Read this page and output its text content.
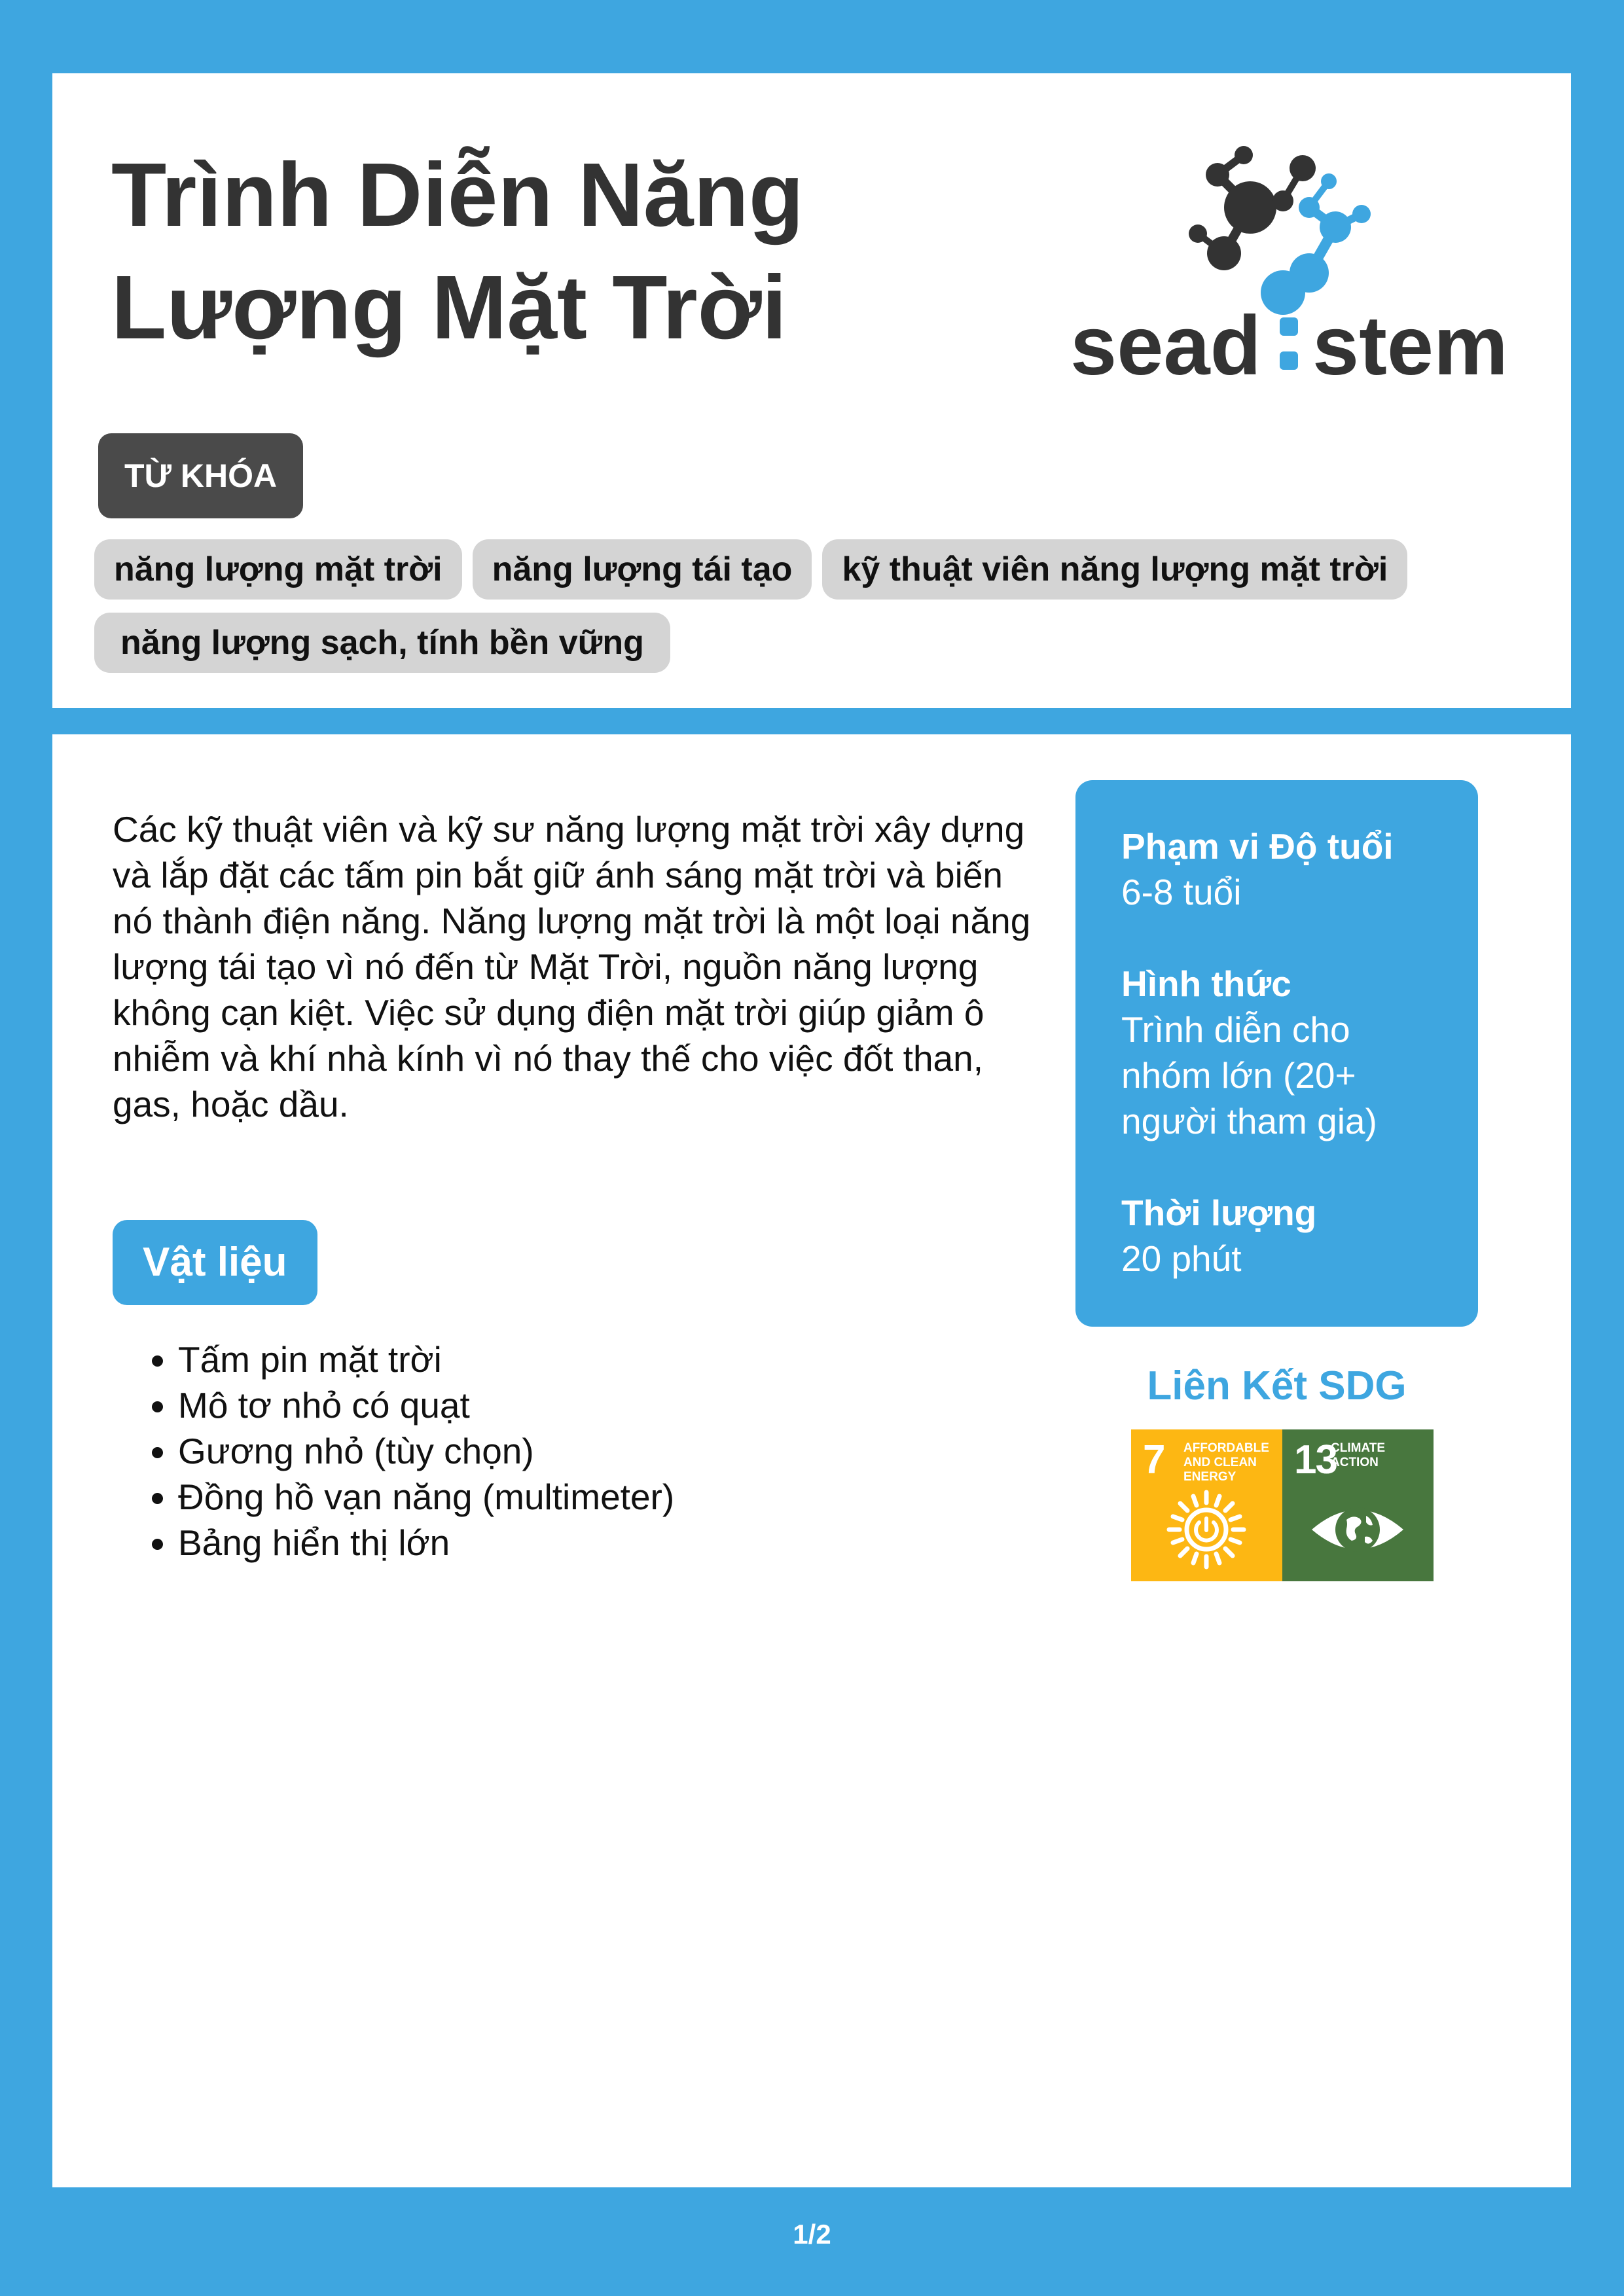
Trình Diễn Năng
Lượng Mặt Trời	sead stem
TỪ KHÓA
năng lượng mặt trời năng lượng tái tạo kỹ thuật viên năng lượng mặt trời
năng lượng sạch, tính bền vững

Các kỹ thuật viên và kỹ sư năng lượng mặt trời xây dựng và lắp đặt các tấm pin bắt giữ ánh sáng mặt trời và biến nó thành điện năng. Năng lượng mặt trời là một loại năng lượng tái tạo vì nó đến từ Mặt Trời, nguồn năng lượng không cạn kiệt. Việc sử dụng điện mặt trời giúp giảm ô nhiễm và khí nhà kính vì nó thay thế cho việc đốt than, gas, hoặc dầu.

Vật liệu
• Tấm pin mặt trời
• Mô tơ nhỏ có quạt
• Gương nhỏ (tùy chọn)
• Đồng hồ vạn năng (multimeter)
• Bảng hiển thị lớn
Phạm vi Độ tuổi
6-8 tuổi
Hình thức
Trình diễn cho nhóm lớn (20+ người tham gia)
Thời lượng
20 phút
Liên Kết SDG
7 AFFORDABLE AND CLEAN ENERGY	13
CLIMATE ACTION
1/2
